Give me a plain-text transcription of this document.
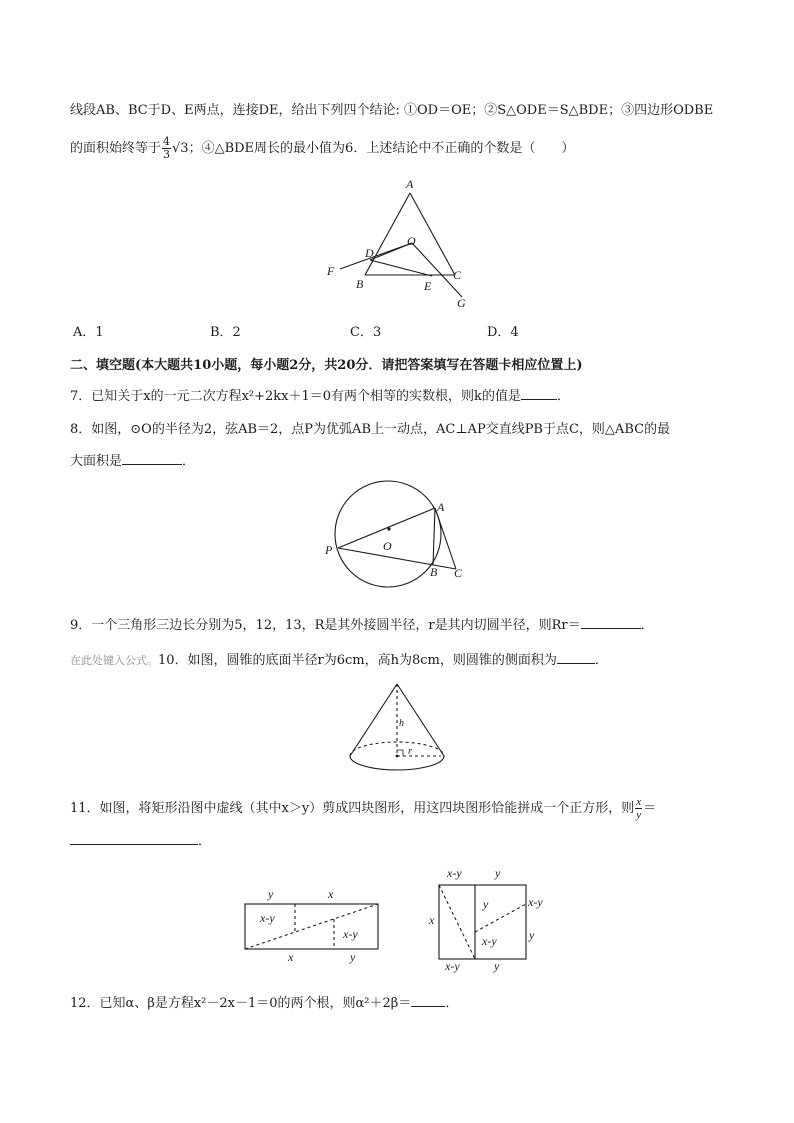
线段AB、BC于D、E两点，连接DE，给出下列四个结论: ①OD＝OE；②S△ODE＝S△BDE；③四边形ODBE
的面积始终等于 $\frac{4}{3} √3$；④△BDE周长的最小值为6．上述结论中不正确的个数是（　　）
A
O
D
F
B	E
C
G
A．1	B．2	C．3	D．4
二、填空题(本大题共10小题，每小题2分，共20分．请把答案填写在答题卡相应位置上)
7．已知关于x的一元二次方程x²+2kx＋1＝0有两个相等的实数根，则k的值是	．
8．如图，⊙O的半径为2，弦AB＝2，点P为优弧AB上一动点，AC⊥AP交直线PB于点C，则△ABC的最
大面积是	．
A
O
P
B C
9．一个三角形三边长分别为5，12，13，R是其外接圆半径，r是其内切圆半径，则Rr＝	．
在此处键入公式。10．如图，圆锥的底面半径r为6cm，高h为8cm，则圆锥的侧面积为	．
h
r
11．如图，将矩形沿图中虚线（其中x＞y）剪成四块图形，用这四块图形恰能拼成一个正方形，则 $\frac{x}{y}$ ＝
．
y	x
x-y
x-y
x	y
x-y	y
x
y
x-y
x-y
y
x-y	y
12．已知α、β是方程x²－2x－1＝0的两个根，则α²＋2β＝	．
